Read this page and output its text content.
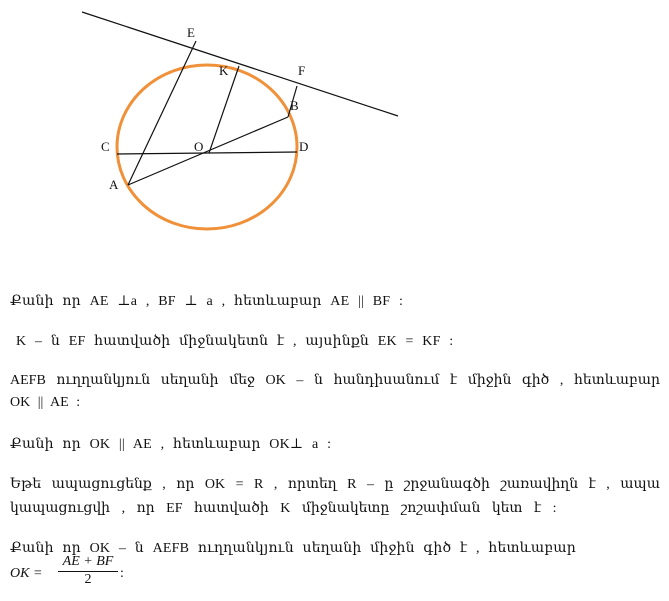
E
K	F
B
C	O	D
A
Քանի որ AE ⊥a , BF ⊥ a , հետևաբար AE || BF :
K – ն EF հատվածի միջնակետն է , այսինքն EK = KF :
AEFB ուղղանկյուն սեղանի մեջ OK – ն հանդիսանում է միջին գիծ , հետևաբար
OK || AE :
Քանի որ OK || AE , հետևաբար OK⊥ a :
Եթե ապացուցենք , որ OK = R , որտեղ R – ը շրջանագծի շառավիղն է , ապա
կապացուցվի , որ EF հատվածի K միջնակետը շոշափման կետ է :
Քանի որ OK – ն AEFB ուղղանկյուն սեղանի միջին գիծ է , հետևաբար
OK = $\frac{AE + BF}{2}$ :
